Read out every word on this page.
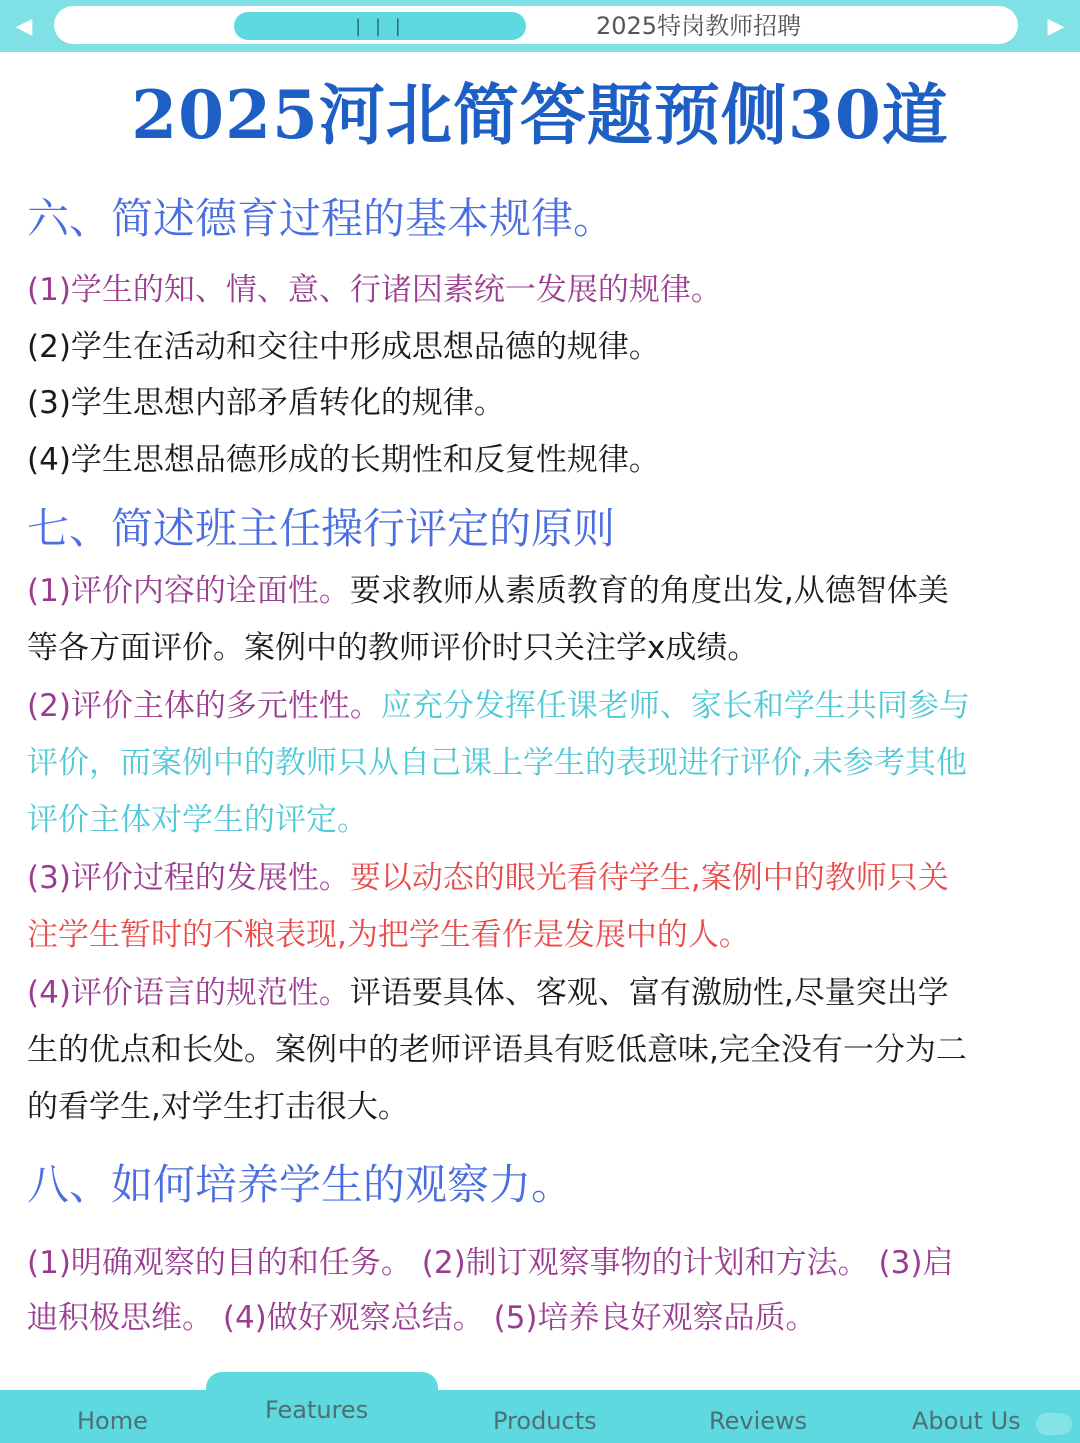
◀	| | |	2025特岗教师招聘	▶
2025河北简答题预侧30道
六、简述德育过程的基本规律。
(1)学生的知、情、意、行诸因素统一发展的规律。
(2)学生在活动和交往中形成思想品德的规律。
(3)学生思想内部矛盾转化的规律。
(4)学生思想品德形成的长期性和反复性规律。
七、简述班主任操行评定的原则
(1)评价内容的诠面性。要求教师从素质教育的角度出发,从德智体美
等各方面评价。案例中的教师评价时只关注学x成绩。
(2)评价主体的多元性性。应充分发挥任课老师、家长和学生共同参与
评价，而案例中的教师只从自己课上学生的表现进行评价,未参考其他
评价主体对学生的评定。
(3)评价过程的发展性。要以动态的眼光看待学生,案例中的教师只关
注学生暂时的不粮表现,为把学生看作是发展中的人。
(4)评价语言的规范性。评语要具体、客观、富有激励性,尽量突出学
生的优点和长处。案例中的老师评语具有贬低意味,完全没有一分为二
的看学生,对学生打击很大。
八、如何培养学生的观察力。
(1)明确观察的目的和任务。 (2)制订观察事物的计划和方法。 (3)启
迪积极思维。 (4)做好观察总结。 (5)培养良好观察品质。
Home	Features	Products	Reviews	About Us
